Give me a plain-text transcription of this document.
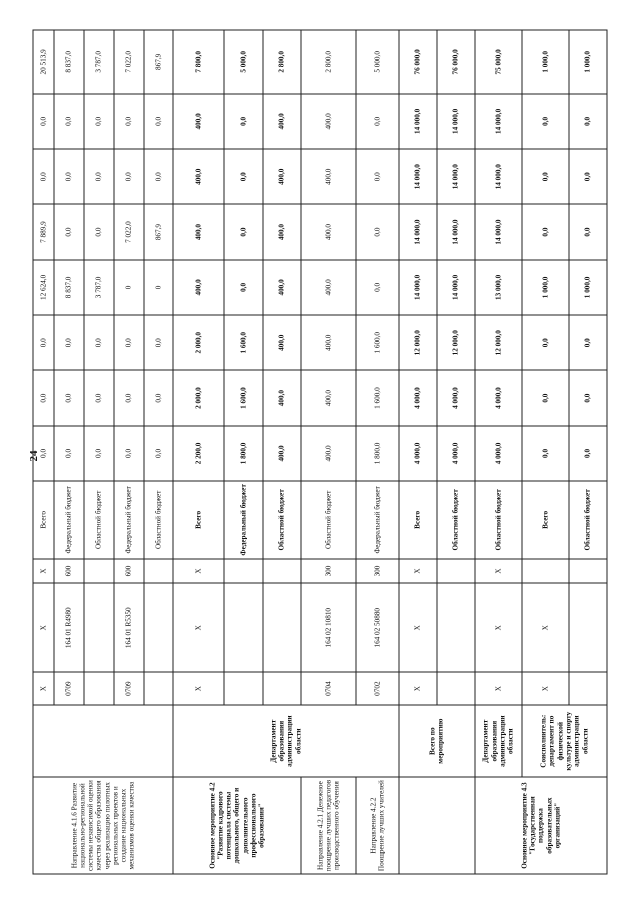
24
Направление 4.1.6 Развитие национально-региональной системы независимой оценки качества общего образования через реализацию пилотных региональных проектов и создание национальных механизмов оценки качества		X	X	X	Всего	0,0	0,0	0,0	12 624,0	7 889,9	0,0	0,0	20 513,9
		0709	164 01 R4980	600	Федеральный бюджет	0,0	0,0	0,0	8 837,0	0,0	0,0	0,0	8 837,0
					Областной бюджет	0,0	0,0	0,0	3 787,0	0,0	0,0	0,0	3 787,0
		0709	164 01 R5350	600	Федеральный бюджет	0,0	0,0	0,0	0	7 022,0	0,0	0,0	7 022,0
					Областной бюджет	0,0	0,0	0,0	0	867,9	0,0	0,0	867,9
Основное мероприятие 4.2 "Развитие кадрового потенциала системы дошкольного, общего и дополнительного профессионального образования"	Департамент образования администрации области	X	X	X	Всего	2 200,0	2 000,0	2 000,0	400,0	400,0	400,0	400,0	7 800,0
					Федеральный бюджет	1 800,0	1 600,0	1 600,0	0,0	0,0	0,0	0,0	5 000,0
					Областной бюджет	400,0	400,0	400,0	400,0	400,0	400,0	400,0	2 800,0
Направление 4.2.1 Денежное поощрение лучших педагогов производственного обучения		0704	164 02 10810	300	Областной бюджет	400,0	400,0	400,0	400,0	400,0	400,0	400,0	2 800,0
Направление 4.2.2 Поощрение лучших учителей		0702	164 02 50880	300	Федеральный бюджет	1 800,0	1 600,0	1 600,0	0,0	0,0	0,0	0,0	5 000,0
	Всего по мероприятию	X	X	X	Всего	4 000,0	4 000,0	12 000,0	14 000,0	14 000,0	14 000,0	14 000,0	76 000,0
					Областной бюджет	4 000,0	4 000,0	12 000,0	14 000,0	14 000,0	14 000,0	14 000,0	76 000,0
Основное мероприятие 4.3 "Государственная поддержка образовательных организаций"	Департамент образования администрации области	X	X	X	Областной бюджет	4 000,0	4 000,0	12 000,0	13 000,0	14 000,0	14 000,0	14 000,0	75 000,0
	Соисполнитель: департамент по физической культуре и спорту администрации области	X	X		Всего	0,0	0,0	0,0	1 000,0	0,0	0,0	0,0	1 000,0
					Областной бюджет	0,0	0,0	0,0	1 000,0	0,0	0,0	0,0	1 000,0
